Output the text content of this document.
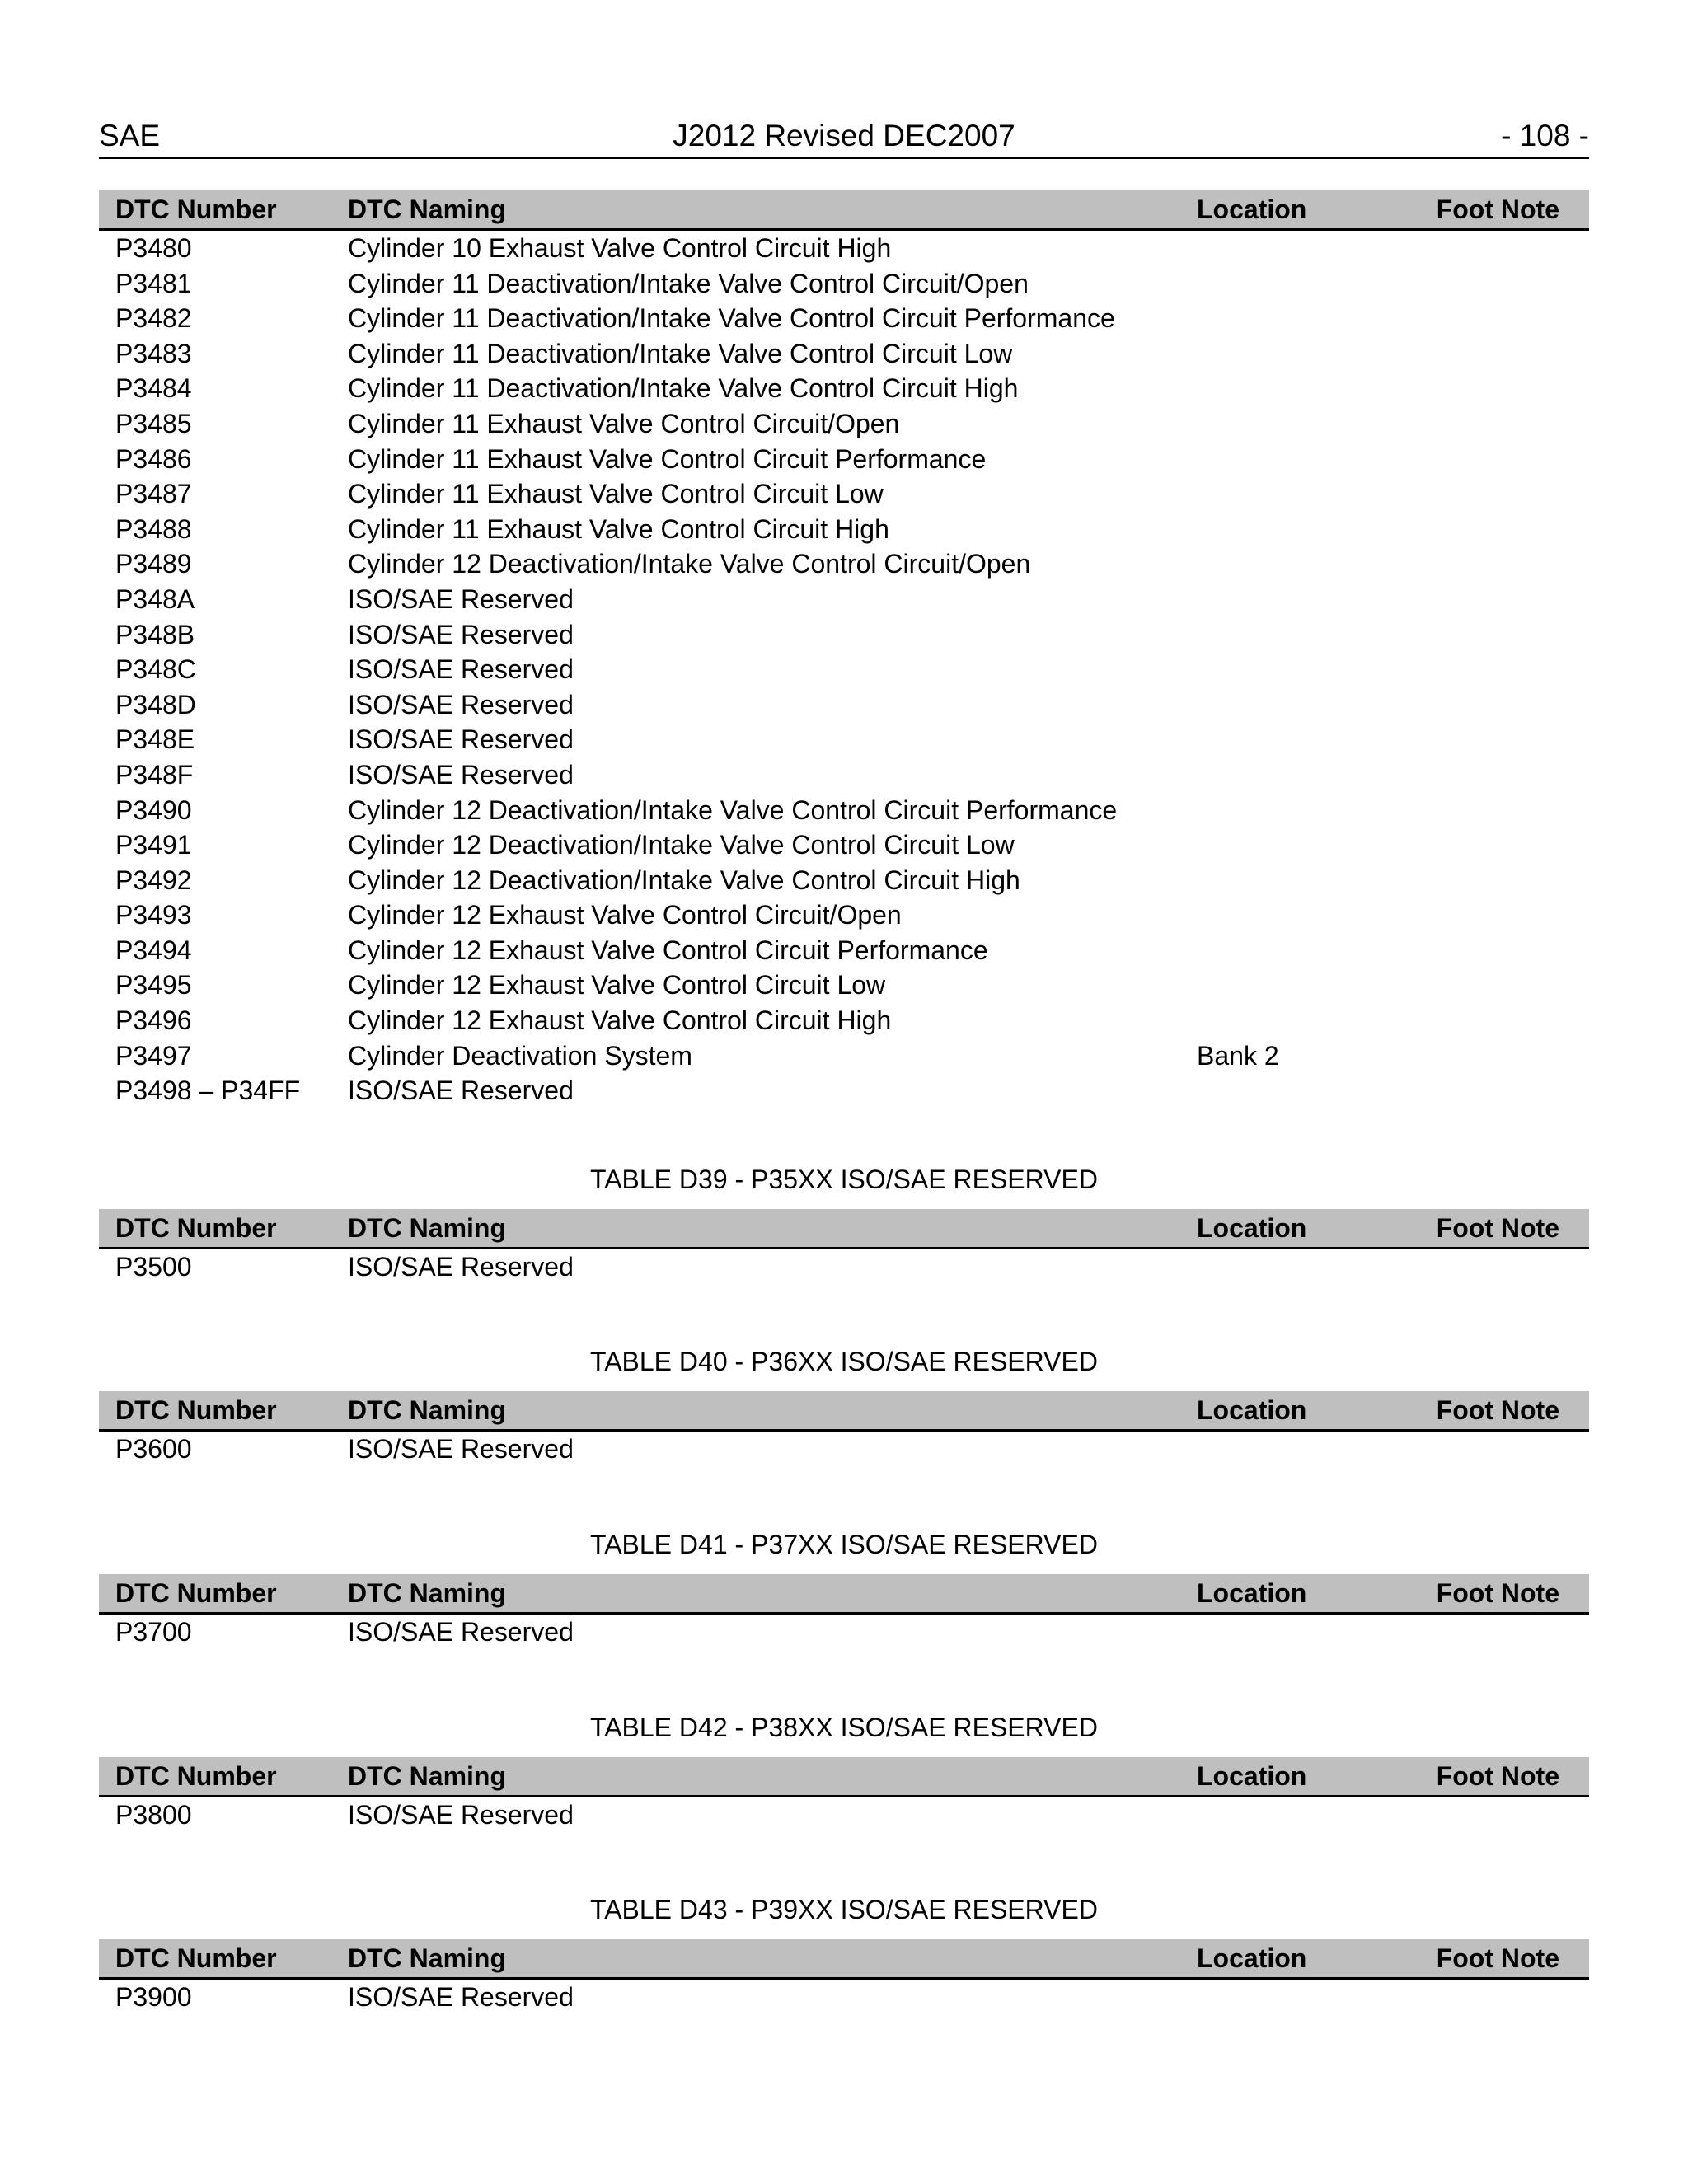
SAE	J2012 Revised DEC2007	- 108 -
DTC Number	DTC Naming	Location	Foot Note
P3480	Cylinder 10 Exhaust Valve Control Circuit High		
P3481	Cylinder 11 Deactivation/Intake Valve Control Circuit/Open		
P3482	Cylinder 11 Deactivation/Intake Valve Control Circuit Performance		
P3483	Cylinder 11 Deactivation/Intake Valve Control Circuit Low		
P3484	Cylinder 11 Deactivation/Intake Valve Control Circuit High		
P3485	Cylinder 11 Exhaust Valve Control Circuit/Open		
P3486	Cylinder 11 Exhaust Valve Control Circuit Performance		
P3487	Cylinder 11 Exhaust Valve Control Circuit Low		
P3488	Cylinder 11 Exhaust Valve Control Circuit High		
P3489	Cylinder 12 Deactivation/Intake Valve Control Circuit/Open		
P348A	ISO/SAE Reserved		
P348B	ISO/SAE Reserved		
P348C	ISO/SAE Reserved		
P348D	ISO/SAE Reserved		
P348E	ISO/SAE Reserved		
P348F	ISO/SAE Reserved		
P3490	Cylinder 12 Deactivation/Intake Valve Control Circuit Performance		
P3491	Cylinder 12 Deactivation/Intake Valve Control Circuit Low		
P3492	Cylinder 12 Deactivation/Intake Valve Control Circuit High		
P3493	Cylinder 12 Exhaust Valve Control Circuit/Open		
P3494	Cylinder 12 Exhaust Valve Control Circuit Performance		
P3495	Cylinder 12 Exhaust Valve Control Circuit Low		
P3496	Cylinder 12 Exhaust Valve Control Circuit High		
P3497	Cylinder Deactivation System	Bank 2	
P3498 – P34FF	ISO/SAE Reserved		
TABLE D39 - P35XX ISO/SAE RESERVED
DTC Number	DTC Naming	Location	Foot Note
P3500	ISO/SAE Reserved		
TABLE D40 - P36XX ISO/SAE RESERVED
DTC Number	DTC Naming	Location	Foot Note
P3600	ISO/SAE Reserved		
TABLE D41 - P37XX ISO/SAE RESERVED
DTC Number	DTC Naming	Location	Foot Note
P3700	ISO/SAE Reserved		
TABLE D42 - P38XX ISO/SAE RESERVED
DTC Number	DTC Naming	Location	Foot Note
P3800	ISO/SAE Reserved		
TABLE D43 - P39XX ISO/SAE RESERVED
DTC Number	DTC Naming	Location	Foot Note
P3900	ISO/SAE Reserved		
